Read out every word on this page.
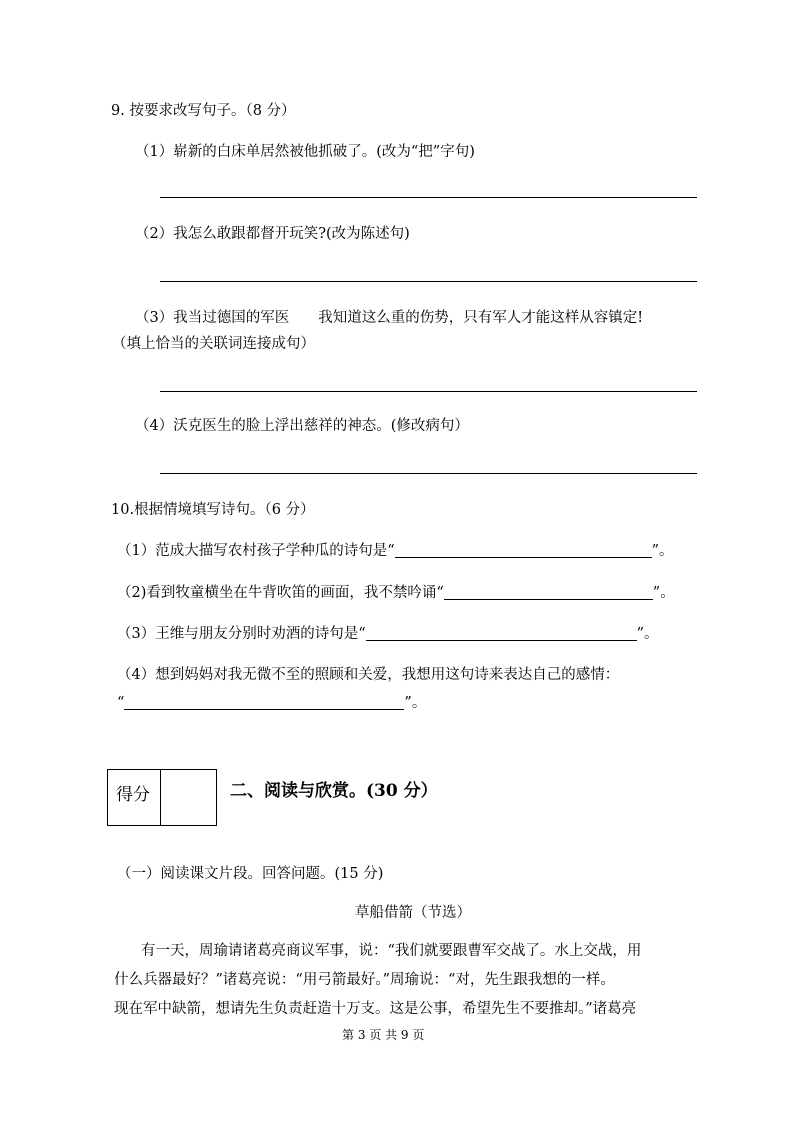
9. 按要求改写句子。（8 分）
（1）崭新的白床单居然被他抓破了。(改为“把”字句)
（2）我怎么敢跟都督开玩笑?(改为陈述句)
（3）我当过德国的军医　　我知道这么重的伤势，只有军人才能这样从容镇定!
（填上恰当的关联词连接成句）
（4）沃克医生的脸上浮出慈祥的神态。(修改病句）
10.根据情境填写诗句。（6 分）
（1）范成大描写农村孩子学种瓜的诗句是“	”。
（2)看到牧童横坐在牛背吹笛的画面，我不禁吟诵“	”。
（3）王维与朋友分别时劝酒的诗句是“	”。
（4）想到妈妈对我无微不至的照顾和关爱，我想用这句诗来表达自己的感情：
“	”。
得分	二、阅读与欣赏。(30 分）
（一）阅读课文片段。回答问题。(15 分)
草船借箭（节选）
有一天，周瑜请诸葛亮商议军事，说：“我们就要跟曹军交战了。水上交战，用
什么兵器最好？”诸葛亮说：“用弓箭最好。”周瑜说：“对，先生跟我想的一样。
现在军中缺箭，想请先生负责赶造十万支。这是公事，希望先生不要推却。”诸葛亮
第 3 页 共 9 页
